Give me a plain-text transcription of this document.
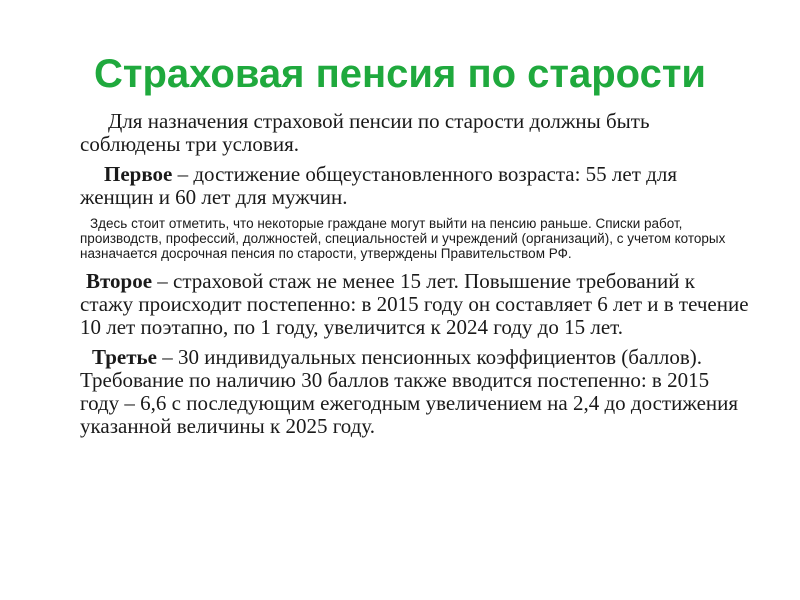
Страховая пенсия по старости

Для назначения страховой пенсии по старости должны быть соблюдены три условия.

Первое – достижение общеустановленного возраста: 55 лет для женщин и 60 лет для мужчин.

Здесь стоит отметить, что некоторые граждане могут выйти на пенсию раньше. Списки работ, производств, профессий, должностей, специальностей и учреждений (организаций), с учетом которых назначается досрочная пенсия по старости, утверждены Правительством РФ.

Второе – страховой стаж не менее 15 лет. Повышение требований к стажу происходит постепенно: в 2015 году он составляет 6 лет и в течение 10 лет поэтапно, по 1 году, увеличится к 2024 году до 15 лет.

Третье – 30 индивидуальных пенсионных коэффициентов (баллов). Требование по наличию 30 баллов также вводится постепенно: в 2015 году – 6,6 с последующим ежегодным увеличением на 2,4 до достижения указанной величины к 2025 году.
